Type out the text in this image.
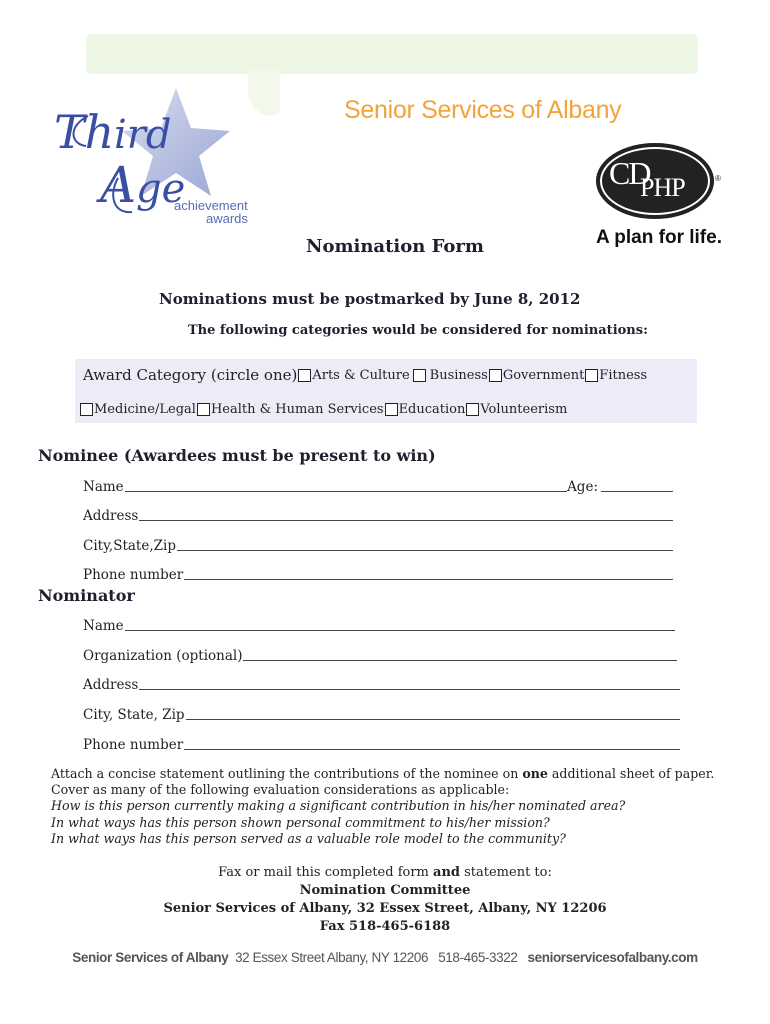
Th ird
A ge
achievement
awards
Senior Services of Albany
CD
PHP	®
A plan for life.
Nomination Form
Nominations must be postmarked by June 8, 2012
The following categories would be considered for nominations:
Award Category (circle one) Arts & Culture Business Government Fitness
Medicine/Legal Health & Human Services Education Volunteerism
Nominee (Awardees must be present to win)
Name	Age:
Address
City,State,Zip
Phone number
Nominator
Name
Organization (optional)
Address
City, State, Zip
Phone number
Attach a concise statement outlining the contributions of the nominee on one additional sheet of paper.
Cover as many of the following evaluation considerations as applicable:
How is this person currently making a significant contribution in his/her nominated area?
In what ways has this person shown personal commitment to his/her mission?
In what ways has this person served as a valuable role model to the community?
Fax or mail this completed form and statement to:
Nomination Committee
Senior Services of Albany, 32 Essex Street, Albany, NY 12206
Fax 518-465-6188
Senior Services of Albany 32 Essex Street Albany, NY 12206 518-465-3322 seniorservicesofalbany.com
